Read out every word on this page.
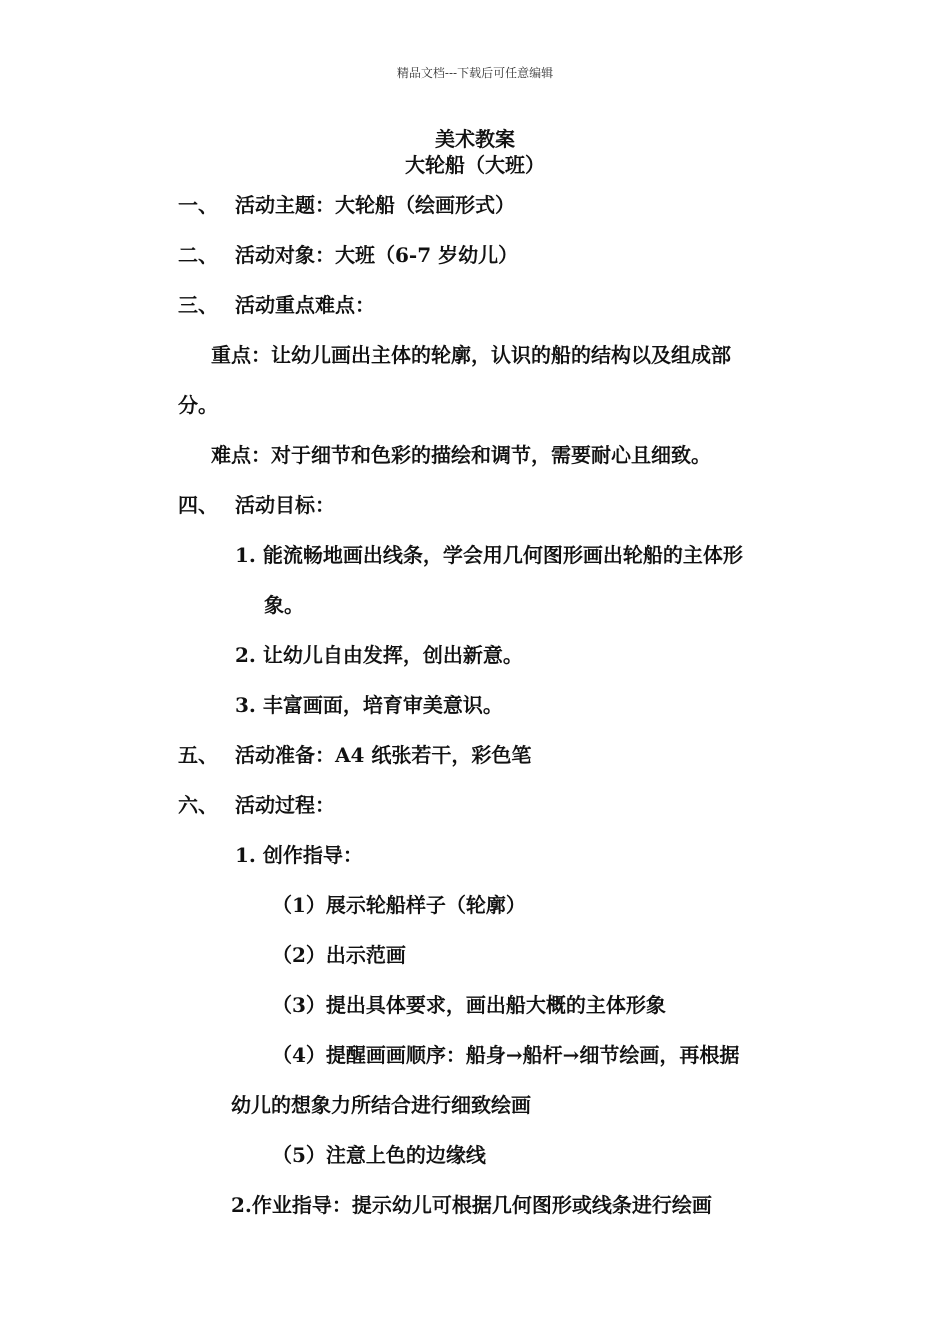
精品文档---下载后可任意编辑
美术教案
大轮船（大班）
一、 活动主题：大轮船（绘画形式）
二、 活动对象：大班（6-7 岁幼儿）
三、 活动重点难点：
重点：让幼儿画出主体的轮廓，认识的船的结构以及组成部
分。
难点：对于细节和色彩的描绘和调节，需要耐心且细致。
四、 活动目标：
1. 能流畅地画出线条，学会用几何图形画出轮船的主体形
象。
2. 让幼儿自由发挥，创出新意。
3. 丰富画面，培育审美意识。
五、 活动准备：A4 纸张若干，彩色笔
六、 活动过程：
1. 创作指导：
（1）展示轮船样子（轮廓）
（2）出示范画
（3）提出具体要求，画出船大概的主体形象
（4）提醒画画顺序：船身→船杆→细节绘画，再根据
幼儿的想象力所结合进行细致绘画
（5）注意上色的边缘线
2.作业指导：提示幼儿可根据几何图形或线条进行绘画
